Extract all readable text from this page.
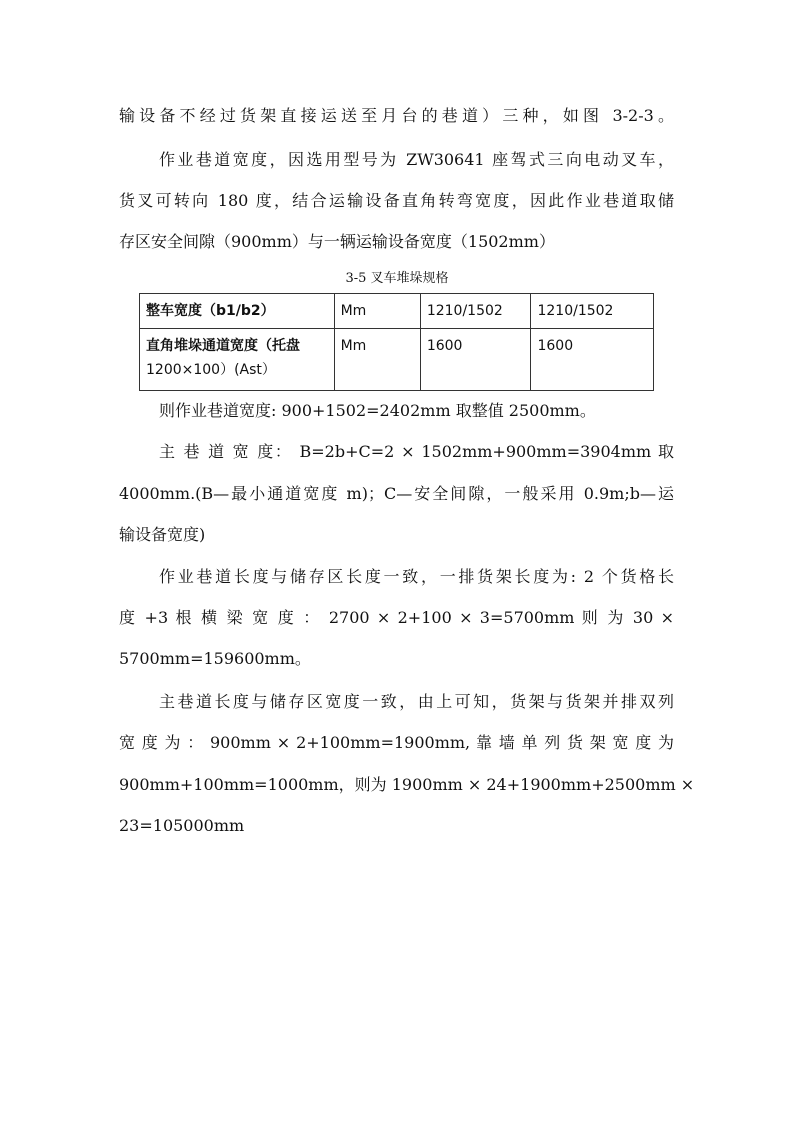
输设备不经过货架直接运送至月台的巷道）三种，如图 3-2-3。
作业巷道宽度，因选用型号为 ZW30641 座驾式三向电动叉车，
货叉可转向 180 度，结合运输设备直角转弯宽度，因此作业巷道取储
存区安全间隙（900mm）与一辆运输设备宽度（1502mm）
3-5 叉车堆垛规格
整车宽度（b1/b2）	Mm	1210/1502	1210/1502

直角堆垛通道宽度（托盘
1200×100）(Ast）	Mm	1600	1600
则作业巷道宽度: 900+1502=2402mm 取整值 2500mm。
主 巷 道 宽 度： B=2b+C=2 × 1502mm+900mm=3904mm 取
4000mm.(B—最小通道宽度 m)；C—安全间隙，一般采用 0.9m;b—运
输设备宽度)
作业巷道长度与储存区长度一致，一排货架长度为: 2 个货格长
度 +3 根 横 梁 宽 度 ： 2700 × 2+100 × 3=5700mm 则 为 30 ×
5700mm=159600mm。
主巷道长度与储存区宽度一致，由上可知，货架与货架并排双列
宽 度 为 ： 900mm × 2+100mm=1900mm, 靠 墙 单 列 货 架 宽 度 为
900mm+100mm=1000mm，则为 1900mm × 24+1900mm+2500mm ×
23=105000mm
